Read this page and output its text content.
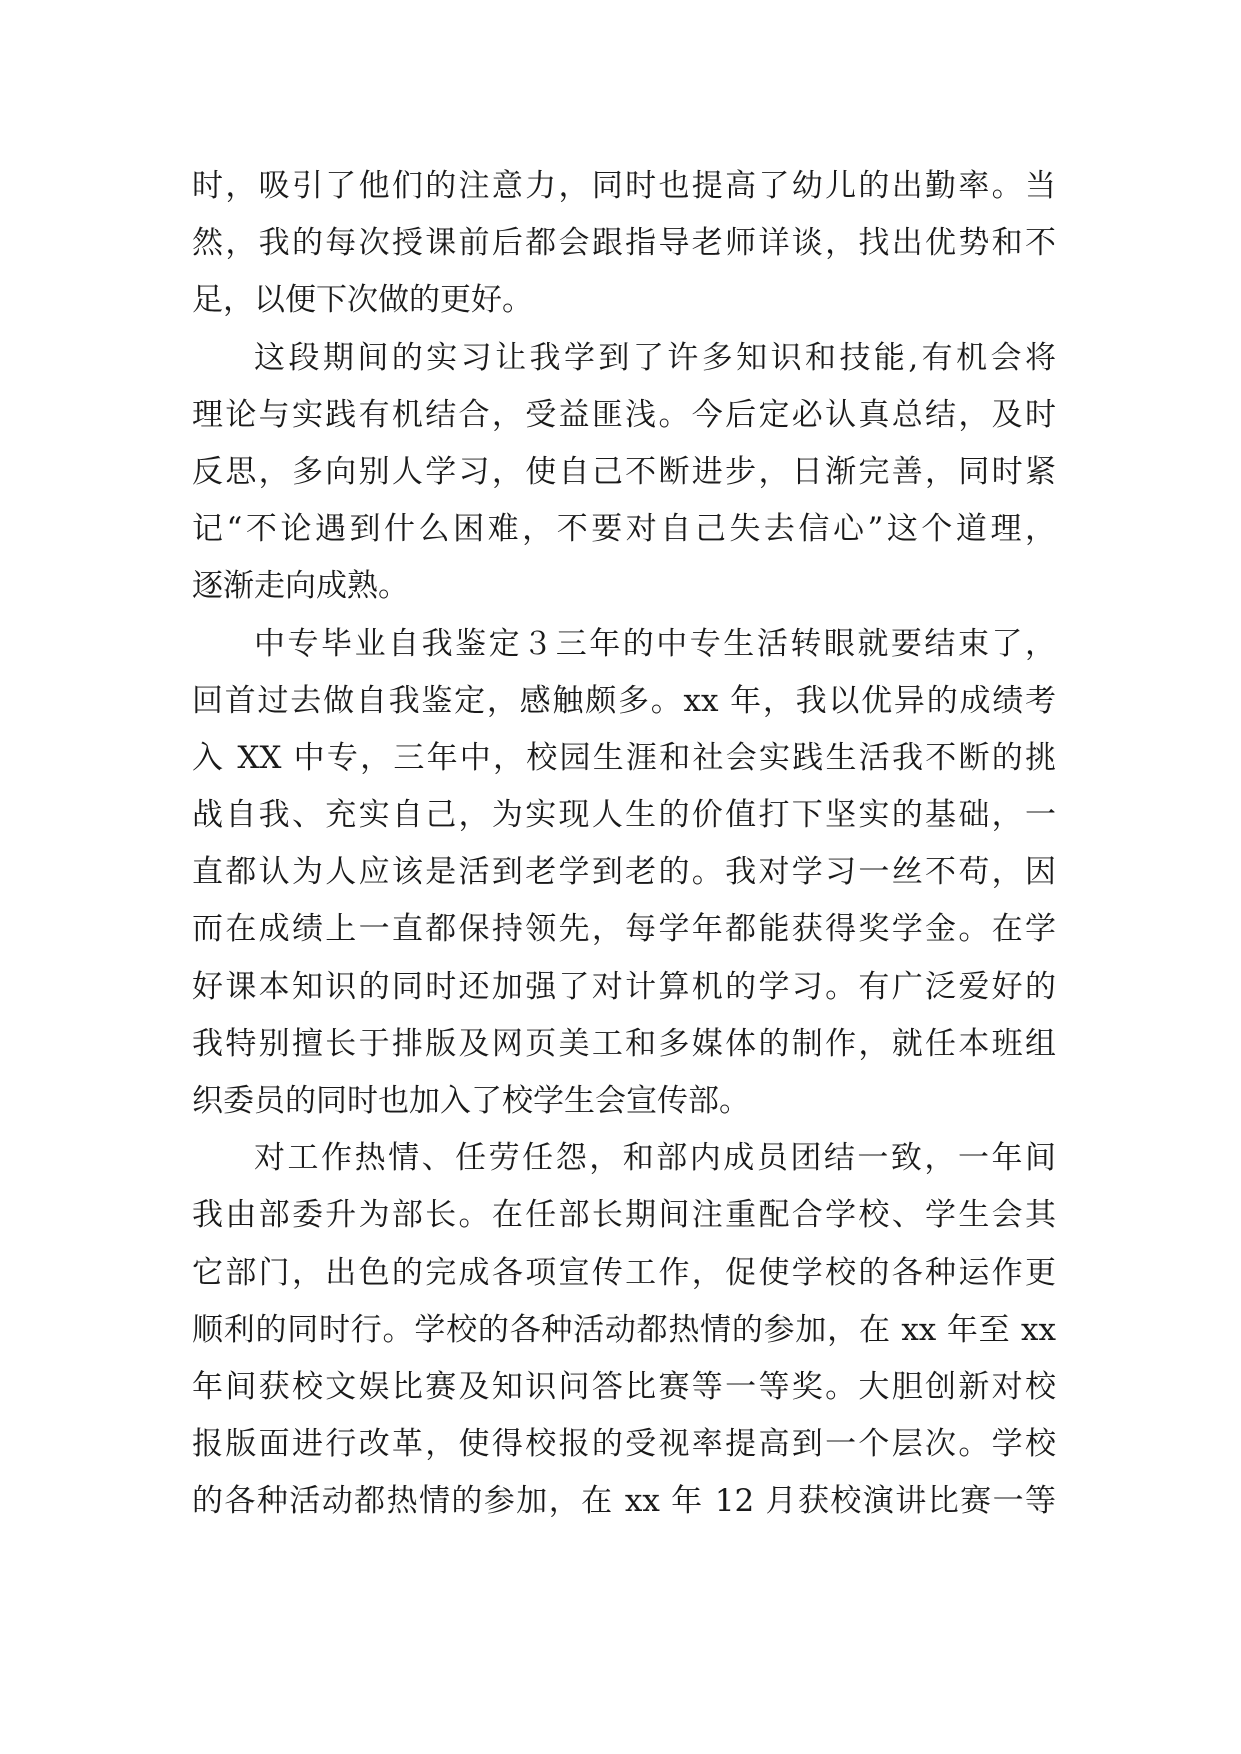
时，吸引了他们的注意力，同时也提高了幼儿的出勤率。当
然，我的每次授课前后都会跟指导老师详谈，找出优势和不
足，以便下次做的更好。
这段期间的实习让我学到了许多知识和技能,有机会将
理论与实践有机结合，受益匪浅。今后定必认真总结，及时
反思，多向别人学习，使自己不断进步，日渐完善，同时紧
记“不论遇到什么困难，不要对自己失去信心”这个道理，
逐渐走向成熟。
中专毕业自我鉴定３三年的中专生活转眼就要结束了，
回首过去做自我鉴定，感触颇多。xx 年，我以优异的成绩考
入 XX 中专，三年中，校园生涯和社会实践生活我不断的挑
战自我、充实自己，为实现人生的价值打下坚实的基础，一
直都认为人应该是活到老学到老的。我对学习一丝不苟，因
而在成绩上一直都保持领先，每学年都能获得奖学金。在学
好课本知识的同时还加强了对计算机的学习。有广泛爱好的
我特别擅长于排版及网页美工和多媒体的制作，就任本班组
织委员的同时也加入了校学生会宣传部。
对工作热情、任劳任怨，和部内成员团结一致，一年间
我由部委升为部长。在任部长期间注重配合学校、学生会其
它部门，出色的完成各项宣传工作，促使学校的各种运作更
顺利的同时行。学校的各种活动都热情的参加，在 xx 年至 xx
年间获校文娱比赛及知识问答比赛等一等奖。大胆创新对校
报版面进行改革，使得校报的受视率提高到一个层次。学校
的各种活动都热情的参加，在 xx 年 12 月获校演讲比赛一等
